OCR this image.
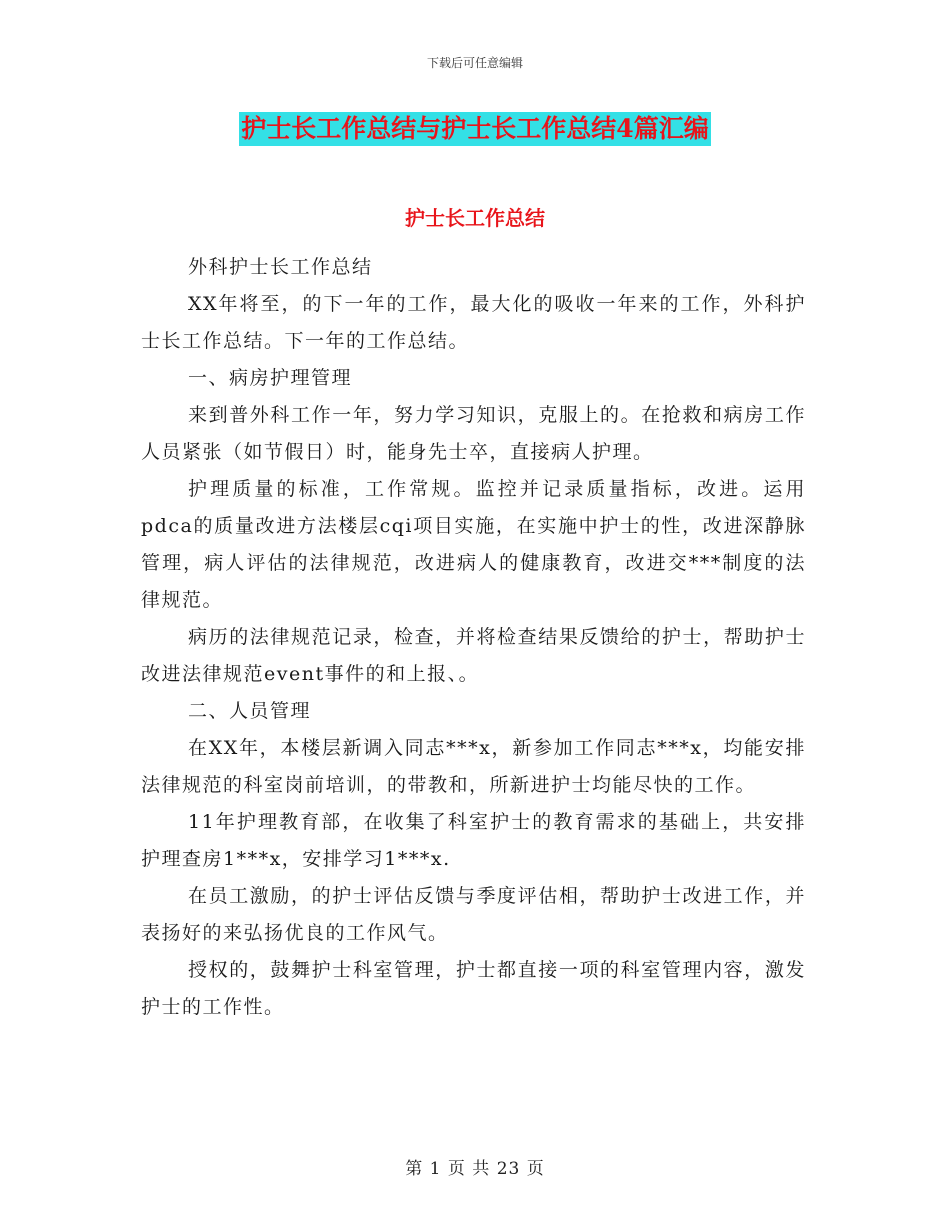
下载后可任意编辑
护士长工作总结与护士长工作总结4篇汇编
护士长工作总结

外科护士长工作总结

XX年将至，的下一年的工作，最大化的吸收一年来的工作，外科护士长工作总结。下一年的工作总结。

一、病房护理管理

来到普外科工作一年，努力学习知识，克服上的。在抢救和病房工作人员紧张（如节假日）时，能身先士卒，直接病人护理。

护理质量的标准，工作常规。监控并记录质量指标，改进。运用pdca的质量改进方法楼层cqi项目实施，在实施中护士的性，改进深静脉管理，病人评估的法律规范，改进病人的健康教育，改进交***制度的法律规范。

病历的法律规范记录，检查，并将检查结果反馈给的护士，帮助护士改进法律规范event事件的和上报、。

二、人员管理

在XX年，本楼层新调入同志***x，新参加工作同志***x，均能安排法律规范的科室岗前培训，的带教和，所新进护士均能尽快的工作。

11年护理教育部，在收集了科室护士的教育需求的基础上，共安排护理查房1***x，安排学习1***x.

在员工激励，的护士评估反馈与季度评估相，帮助护士改进工作，并表扬好的来弘扬优良的工作风气。

授权的，鼓舞护士科室管理，护士都直接一项的科室管理内容，激发护士的工作性。

第 1 页 共 23 页
